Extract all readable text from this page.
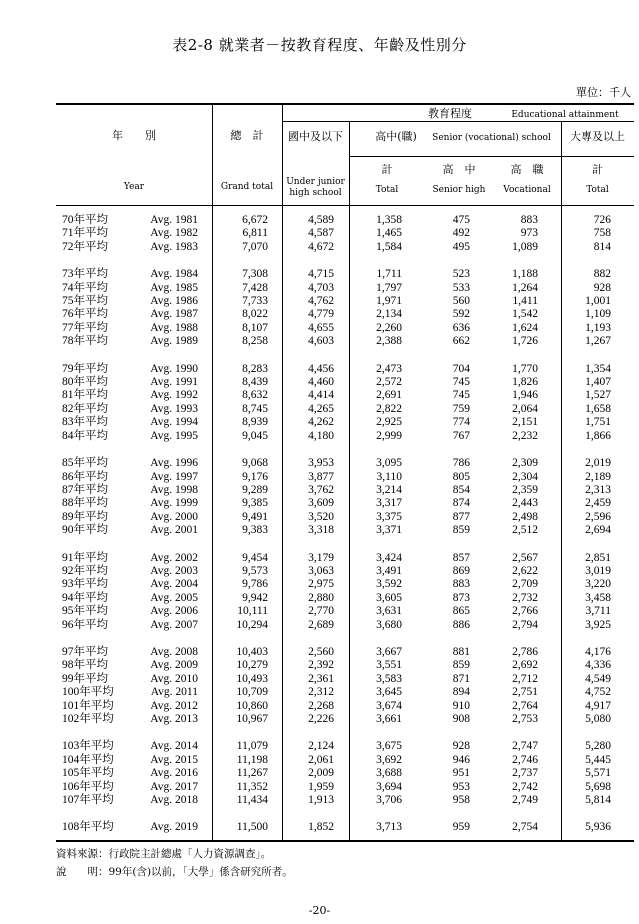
表2-8 就業者－按教育程度、年齡及性別分
單位：千人
年　　別
Year
總　計
Grand total
教育程度	Educational attainment
國中及以下
Under junior
high school
高中(職)	Senior (vocational) school	大專及以上
計
Total
高　中
Senior high
高　職
Vocational
計
Total
70年平均	Avg. 1981	6,672	4,589	1,358	475	883	726
71年平均	Avg. 1982	6,811	4,587	1,465	492	973	758
72年平均	Avg. 1983	7,070	4,672	1,584	495	1,089	814

73年平均	Avg. 1984	7,308	4,715	1,711	523	1,188	882
74年平均	Avg. 1985	7,428	4,703	1,797	533	1,264	928
75年平均	Avg. 1986	7,733	4,762	1,971	560	1,411	1,001
76年平均	Avg. 1987	8,022	4,779	2,134	592	1,542	1,109
77年平均	Avg. 1988	8,107	4,655	2,260	636	1,624	1,193
78年平均	Avg. 1989	8,258	4,603	2,388	662	1,726	1,267

79年平均	Avg. 1990	8,283	4,456	2,473	704	1,770	1,354
80年平均	Avg. 1991	8,439	4,460	2,572	745	1,826	1,407
81年平均	Avg. 1992	8,632	4,414	2,691	745	1,946	1,527
82年平均	Avg. 1993	8,745	4,265	2,822	759	2,064	1,658
83年平均	Avg. 1994	8,939	4,262	2,925	774	2,151	1,751
84年平均	Avg. 1995	9,045	4,180	2,999	767	2,232	1,866

85年平均	Avg. 1996	9,068	3,953	3,095	786	2,309	2,019
86年平均	Avg. 1997	9,176	3,877	3,110	805	2,304	2,189
87年平均	Avg. 1998	9,289	3,762	3,214	854	2,359	2,313
88年平均	Avg. 1999	9,385	3,609	3,317	874	2,443	2,459
89年平均	Avg. 2000	9,491	3,520	3,375	877	2,498	2,596
90年平均	Avg. 2001	9,383	3,318	3,371	859	2,512	2,694

91年平均	Avg. 2002	9,454	3,179	3,424	857	2,567	2,851
92年平均	Avg. 2003	9,573	3,063	3,491	869	2,622	3,019
93年平均	Avg. 2004	9,786	2,975	3,592	883	2,709	3,220
94年平均	Avg. 2005	9,942	2,880	3,605	873	2,732	3,458
95年平均	Avg. 2006	10,111	2,770	3,631	865	2,766	3,711
96年平均	Avg. 2007	10,294	2,689	3,680	886	2,794	3,925

97年平均	Avg. 2008	10,403	2,560	3,667	881	2,786	4,176
98年平均	Avg. 2009	10,279	2,392	3,551	859	2,692	4,336
99年平均	Avg. 2010	10,493	2,361	3,583	871	2,712	4,549
100年平均	Avg. 2011	10,709	2,312	3,645	894	2,751	4,752
101年平均	Avg. 2012	10,860	2,268	3,674	910	2,764	4,917
102年平均	Avg. 2013	10,967	2,226	3,661	908	2,753	5,080

103年平均	Avg. 2014	11,079	2,124	3,675	928	2,747	5,280
104年平均	Avg. 2015	11,198	2,061	3,692	946	2,746	5,445
105年平均	Avg. 2016	11,267	2,009	3,688	951	2,737	5,571
106年平均	Avg. 2017	11,352	1,959	3,694	953	2,742	5,698
107年平均	Avg. 2018	11,434	1,913	3,706	958	2,749	5,814

108年平均	Avg. 2019	11,500	1,852	3,713	959	2,754	5,936
資料來源：行政院主計總處「人力資源調查」。
說　　明：99年(含)以前，「大學」係含研究所者。
-20-
